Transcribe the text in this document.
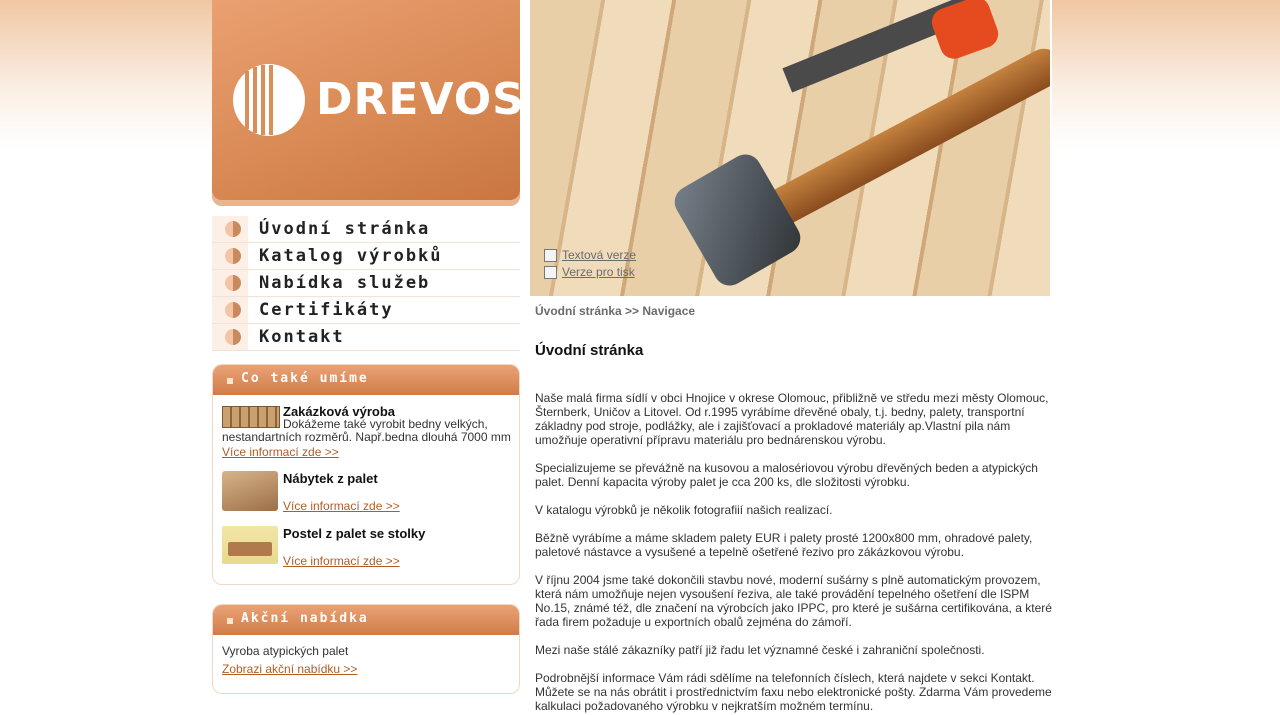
DREVOS
Úvodní stránka
Katalog výrobků
Nabídka služeb
Certifikáty
Kontakt
Co také umíme
Zakázková výroba
Dokážeme také vyrobit bedny velkých, nestandartních rozměrů. Např.bedna dlouhá 7000 mm
Více informací zde >>
Nábytek z palet
Více informací zde >>
Postel z palet se stolky
Více informací zde >>
Akční nabídka
Vyroba atypických palet
Zobrazi akční nabídku >>
Textová verze
Verze pro tisk
Úvodní stránka >> Navigace
Úvodní stránka
Naše malá firma sídlí v obci Hnojice v okrese Olomouc, přibližně ve středu mezi městy Olomouc, Šternberk, Uničov a Litovel. Od r.1995 vyrábíme dřevěné obaly, t.j. bedny, palety, transportní základny pod stroje, podlážky, ale i zajišťovací a prokladové materiály ap.Vlastní pila nám umožňuje operativní přípravu materiálu pro bednárenskou výrobu.
Specializujeme se převážně na kusovou a malosériovou výrobu dřevěných beden a atypických palet. Denní kapacita výroby palet je cca 200 ks, dle složitosti výrobku.
V katalogu výrobků je několik fotografiií našich realizací.
Běžně vyrábíme a máme skladem palety EUR i palety prosté 1200x800 mm, ohradové palety, paletové nástavce a vysušené a tepelně ošetřené řezivo pro zákázkovou výrobu.
V říjnu 2004 jsme také dokončili stavbu nové, moderní sušárny s plně automatickým provozem, která nám umožňuje nejen vysoušení řeziva, ale také provádění tepelného ošetření dle ISPM No.15, známé též, dle značení na výrobcích jako IPPC, pro které je sušárna certifikována, a které řada firem požaduje u exportních obalů zejména do zámoří.
Mezi naše stálé zákazníky patří již řadu let významné české i zahraniční společnosti.
Podrobnější informace Vám rádi sdělíme na telefonních číslech, která najdete v sekci Kontakt. Můžete se na nás obrátit i prostřednictvím faxu nebo elektronické pošty. Zdarma Vám provedeme kalkulaci požadovaného výrobku v nejkratším možném termínu.
